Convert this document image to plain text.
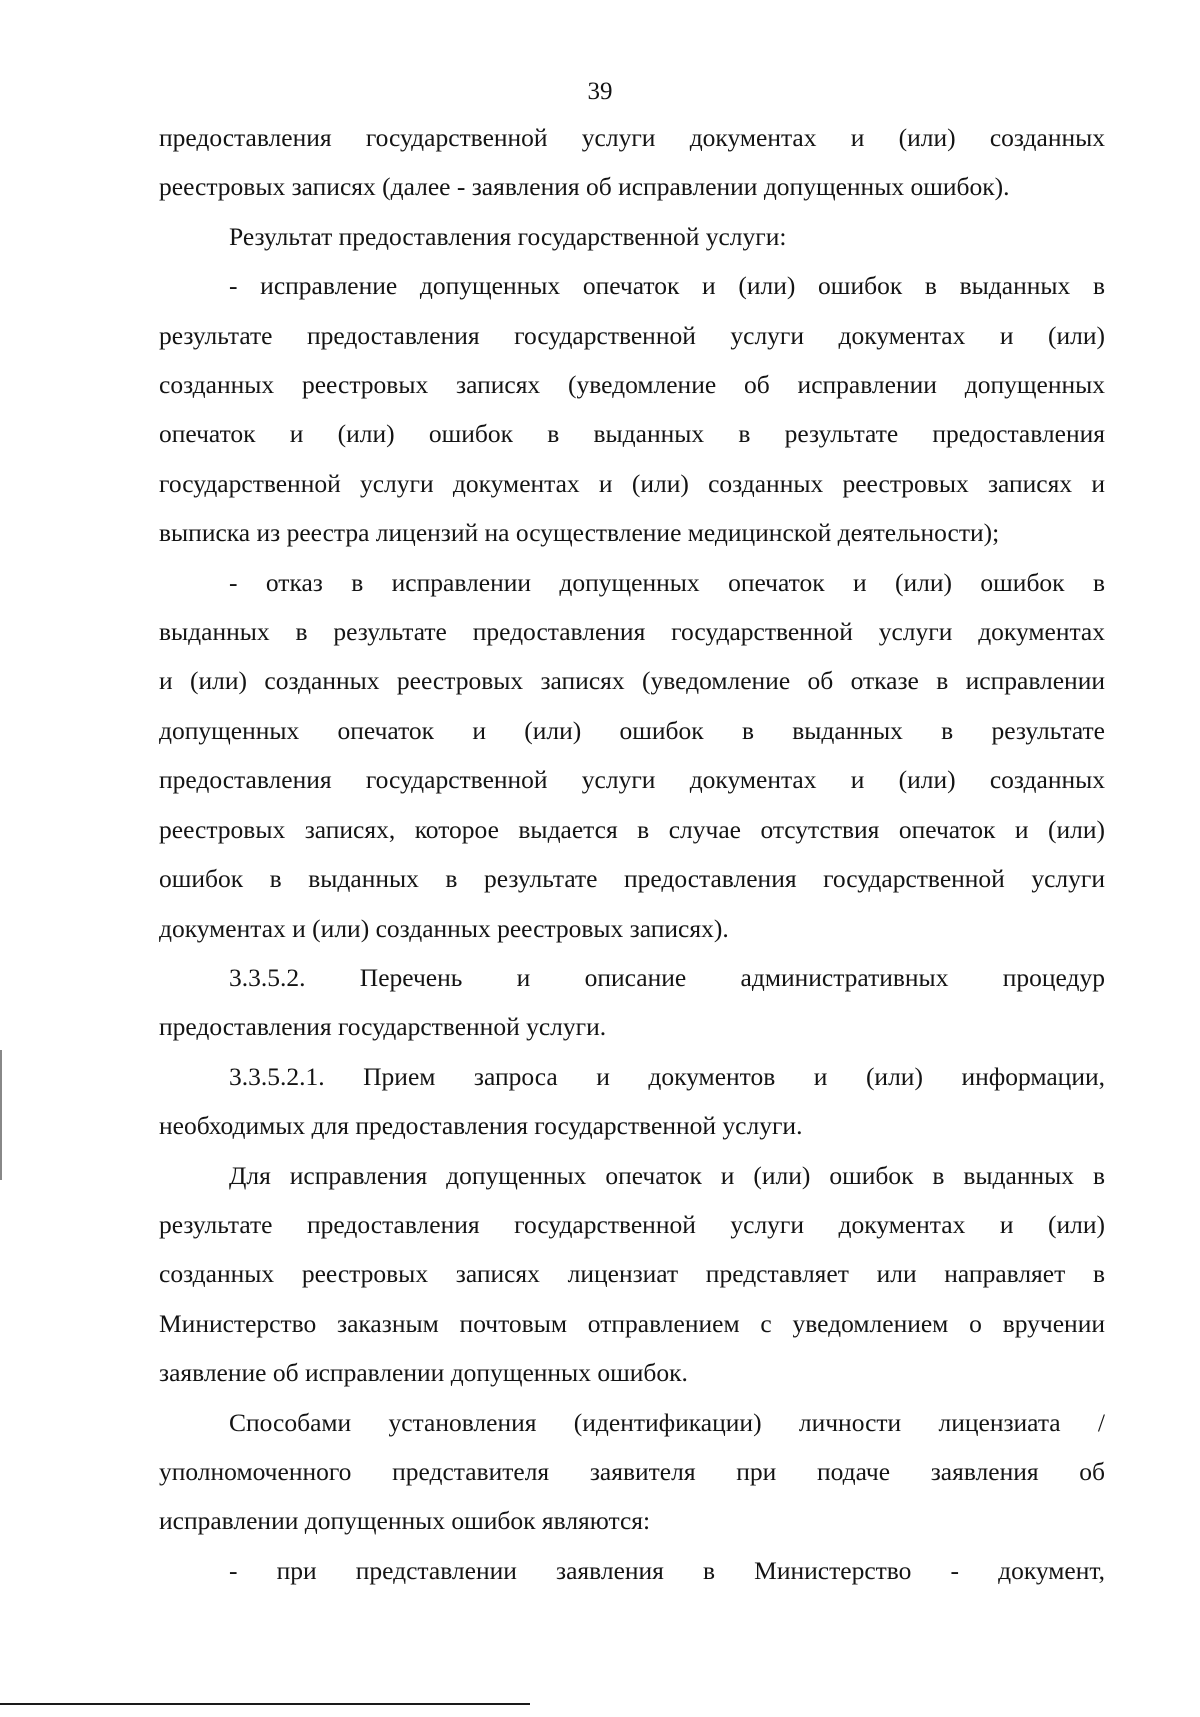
39

предоставления государственной услуги документах и (или) созданных

реестровых записях (далее - заявления об исправлении допущенных ошибок).

Результат предоставления государственной услуги:

- исправление допущенных опечаток и (или) ошибок в выданных в

результате предоставления государственной услуги документах и (или)

созданных реестровых записях (уведомление об исправлении допущенных

опечаток и (или) ошибок в выданных в результате предоставления

государственной услуги документах и (или) созданных реестровых записях и

выписка из реестра лицензий на осуществление медицинской деятельности);

- отказ в исправлении допущенных опечаток и (или) ошибок в

выданных в результате предоставления государственной услуги документах

и (или) созданных реестровых записях (уведомление об отказе в исправлении

допущенных опечаток и (или) ошибок в выданных в результате

предоставления государственной услуги документах и (или) созданных

реестровых записях, которое выдается в случае отсутствия опечаток и (или)

ошибок в выданных в результате предоставления государственной услуги

документах и (или) созданных реестровых записях).

3.3.5.2. Перечень и описание административных процедур

предоставления государственной услуги.

3.3.5.2.1. Прием запроса и документов и (или) информации,

необходимых для предоставления государственной услуги.

Для исправления допущенных опечаток и (или) ошибок в выданных в

результате предоставления государственной услуги документах и (или)

созданных реестровых записях лицензиат представляет или направляет в

Министерство заказным почтовым отправлением с уведомлением о вручении

заявление об исправлении допущенных ошибок.

Способами установления (идентификации) личности лицензиата /

уполномоченного представителя заявителя при подаче заявления об

исправлении допущенных ошибок являются:

- при представлении заявления в Министерство - документ,
